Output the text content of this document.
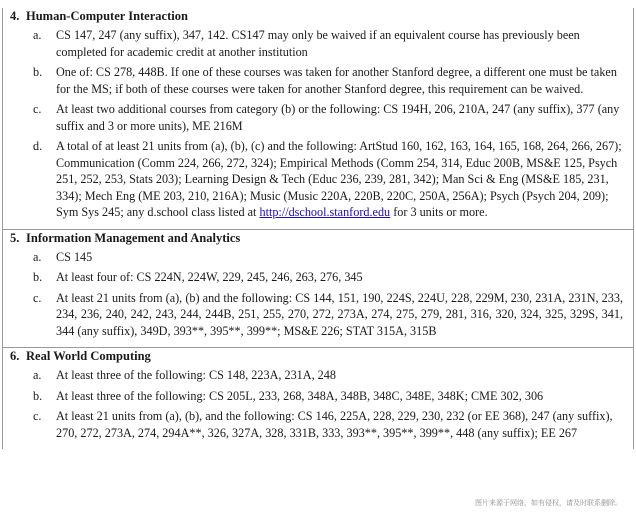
4. Human-Computer Interaction
a. CS 147, 247 (any suffix), 347, 142. CS147 may only be waived if an equivalent course has previously been completed for academic credit at another institution
b. One of: CS 278, 448B. If one of these courses was taken for another Stanford degree, a different one must be taken for the MS; if both of these courses were taken for another Stanford degree, this requirement can be waived.
c. At least two additional courses from category (b) or the following: CS 194H, 206, 210A, 247 (any suffix), 377 (any suffix and 3 or more units), ME 216M
d. A total of at least 21 units from (a), (b), (c) and the following: ArtStud 160, 162, 163, 164, 165, 168, 264, 266, 267); Communication (Comm 224, 266, 272, 324); Empirical Methods (Comm 254, 314, Educ 200B, MS&E 125, Psych 251, 252, 253, Stats 203); Learning Design & Tech (Educ 236, 239, 281, 342); Man Sci & Eng (MS&E 185, 231, 334); Mech Eng (ME 203, 210, 216A); Music (Music 220A, 220B, 220C, 250A, 256A); Psych (Psych 204, 209); Sym Sys 245; any d.school class listed at http://dschool.stanford.edu for 3 units or more.
5. Information Management and Analytics
a. CS 145
b. At least four of: CS 224N, 224W, 229, 245, 246, 263, 276, 345
c. At least 21 units from (a), (b) and the following: CS 144, 151, 190, 224S, 224U, 228, 229M, 230, 231A, 231N, 233, 234, 236, 240, 242, 243, 244, 244B, 251, 255, 270, 272, 273A, 274, 275, 279, 281, 316, 320, 324, 325, 329S, 341, 344 (any suffix), 349D, 393**, 395**, 399**; MS&E 226; STAT 315A, 315B
6. Real World Computing
a. At least three of the following: CS 148, 223A, 231A, 248
b. At least three of the following: CS 205L, 233, 268, 348A, 348B, 348C, 348E, 348K; CME 302, 306
c. At least 21 units from (a), (b), and the following: CS 146, 225A, 228, 229, 230, 232 (or EE 368), 247 (any suffix), 270, 272, 273A, 274, 294A**, 326, 327A, 328, 331B, 333, 393**, 395**, 399**, 448 (any suffix); EE 267
图片来源于网络，如有侵权，请及时联系删除。
